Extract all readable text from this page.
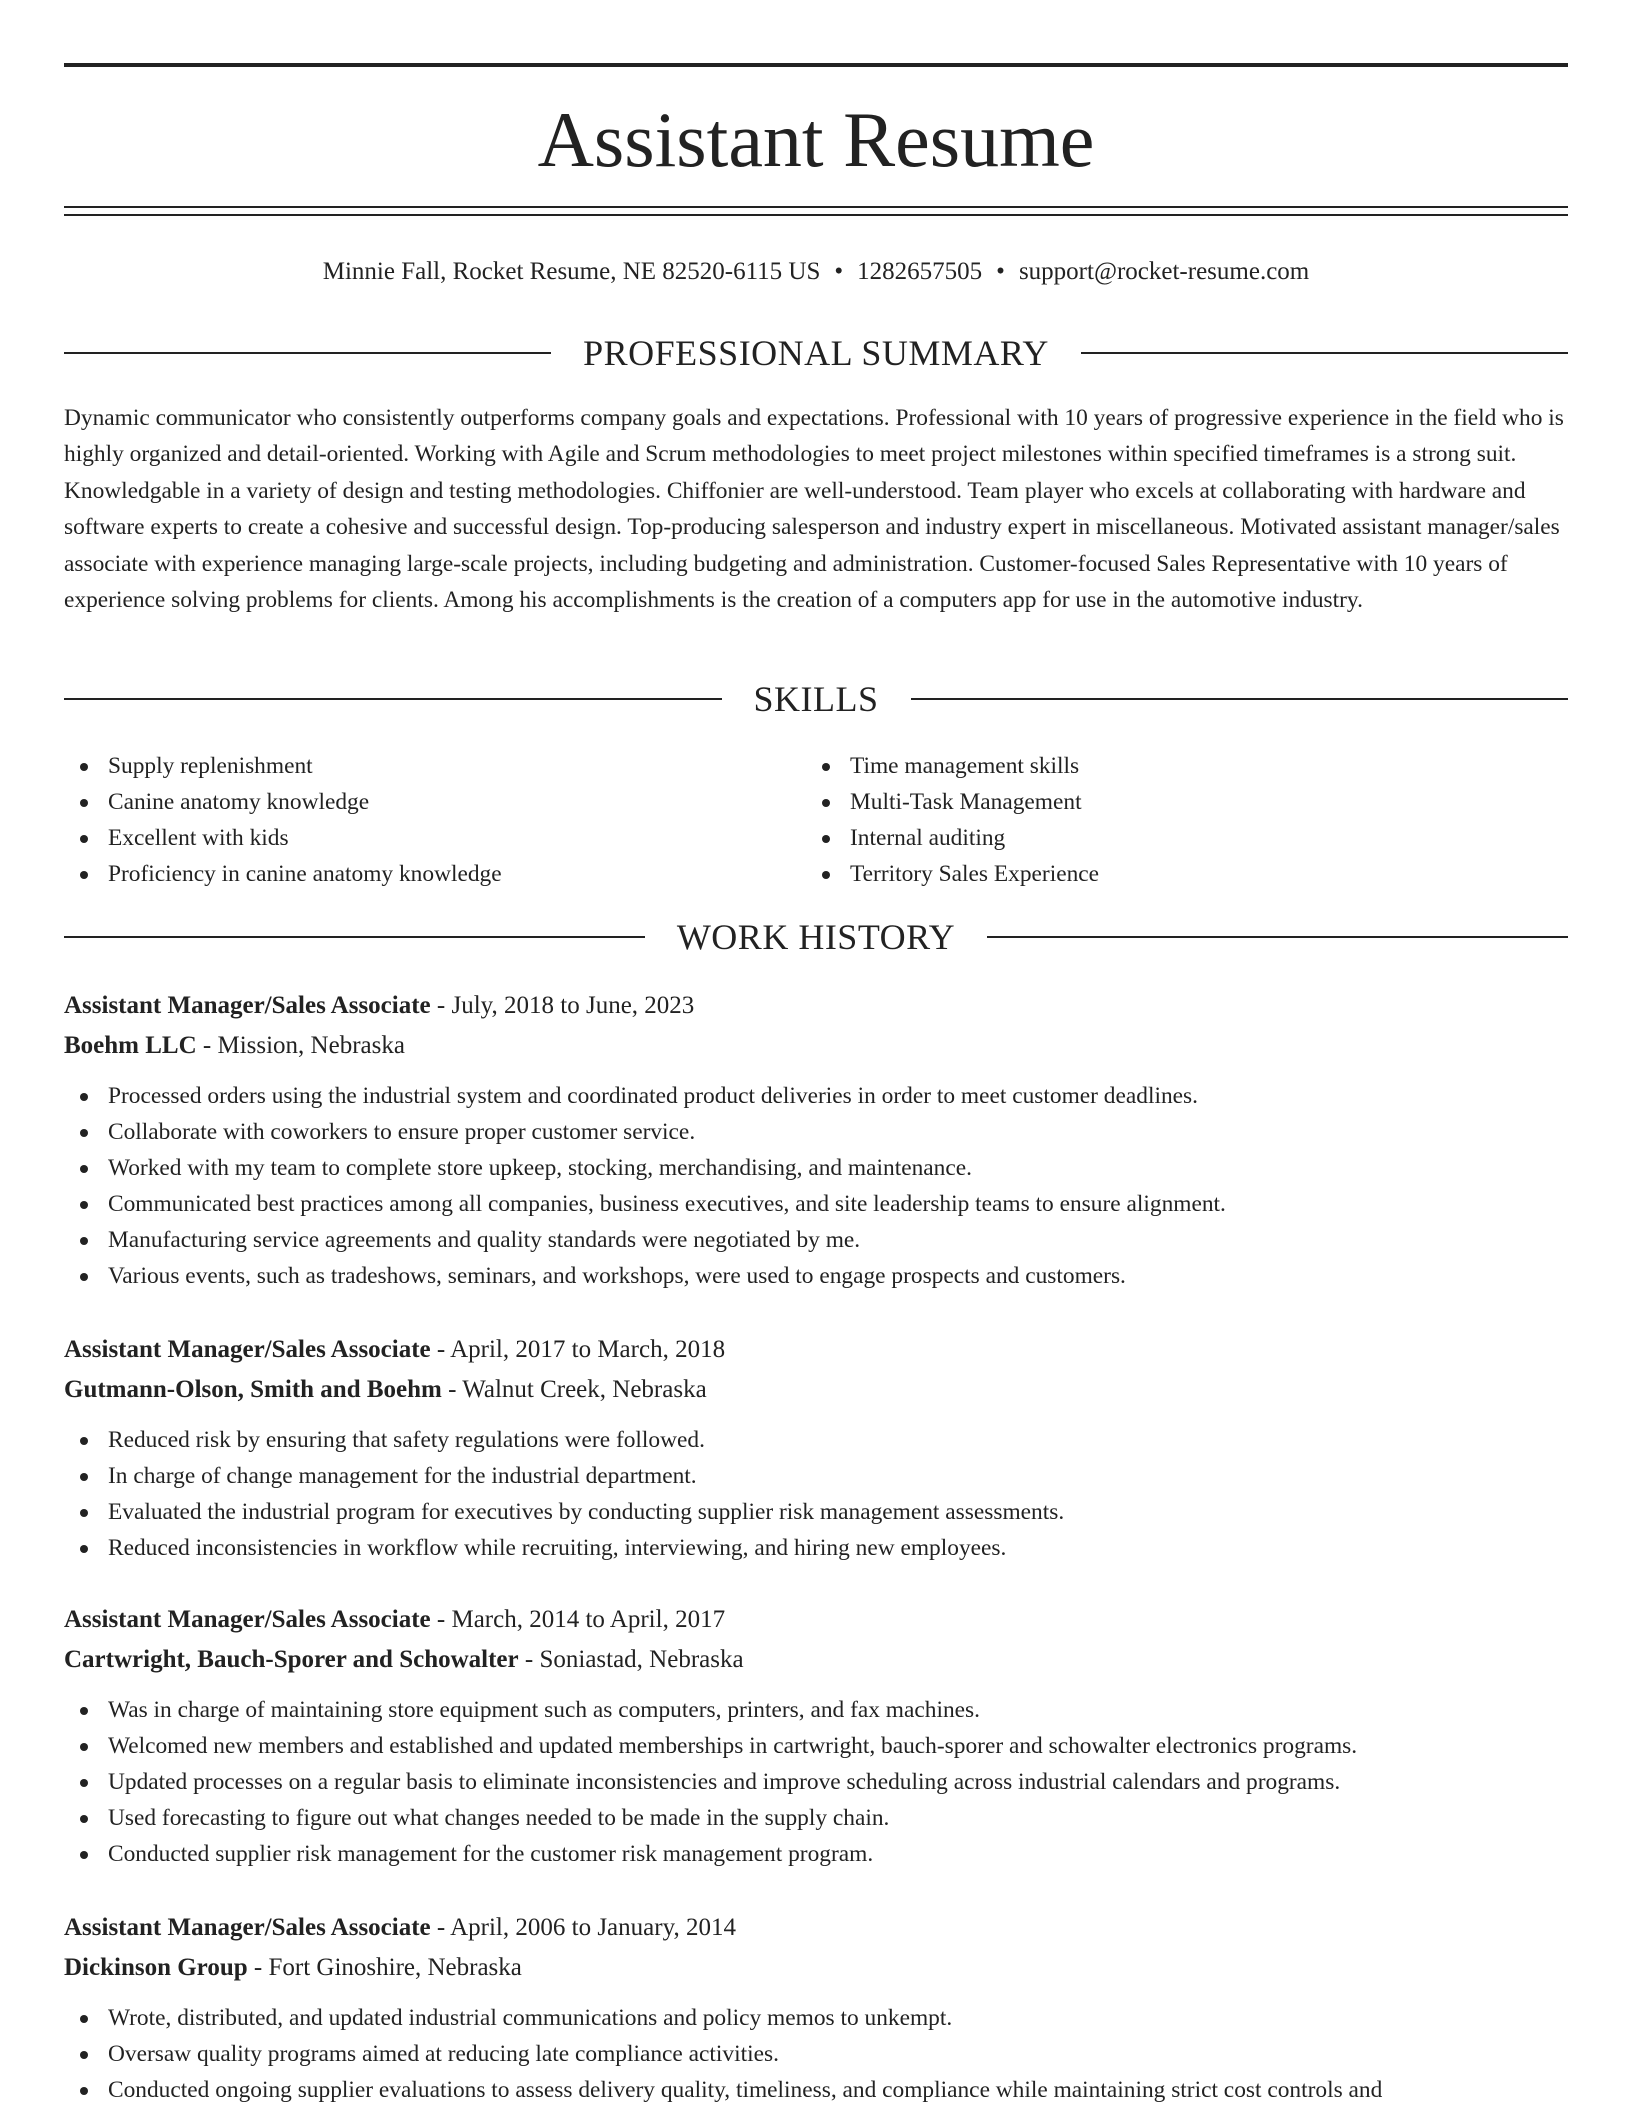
Assistant Resume
Minnie Fall, Rocket Resume, NE 82520-6115 US • 1282657505 • support@rocket-resume.com
PROFESSIONAL SUMMARY

Dynamic communicator who consistently outperforms company goals and expectations. Professional with 10 years of progressive experience in the field who is highly organized and detail-oriented. Working with Agile and Scrum methodologies to meet project milestones within specified timeframes is a strong suit. Knowledgable in a variety of design and testing methodologies. Chiffonier are well-understood. Team player who excels at collaborating with hardware and software experts to create a cohesive and successful design. Top-producing salesperson and industry expert in miscellaneous. Motivated assistant manager/sales associate with experience managing large-scale projects, including budgeting and administration. Customer-focused Sales Representative with 10 years of experience solving problems for clients. Among his accomplishments is the creation of a computers app for use in the automotive industry.

SKILLS
Supply replenishment
Canine anatomy knowledge
Excellent with kids
Proficiency in canine anatomy knowledge
Time management skills
Multi-Task Management
Internal auditing
Territory Sales Experience
WORK HISTORY
Assistant Manager/Sales Associate - July, 2018 to June, 2023
Boehm LLC - Mission, Nebraska
Processed orders using the industrial system and coordinated product deliveries in order to meet customer deadlines.
Collaborate with coworkers to ensure proper customer service.
Worked with my team to complete store upkeep, stocking, merchandising, and maintenance.
Communicated best practices among all companies, business executives, and site leadership teams to ensure alignment.
Manufacturing service agreements and quality standards were negotiated by me.
Various events, such as tradeshows, seminars, and workshops, were used to engage prospects and customers.
Assistant Manager/Sales Associate - April, 2017 to March, 2018
Gutmann-Olson, Smith and Boehm - Walnut Creek, Nebraska
Reduced risk by ensuring that safety regulations were followed.
In charge of change management for the industrial department.
Evaluated the industrial program for executives by conducting supplier risk management assessments.
Reduced inconsistencies in workflow while recruiting, interviewing, and hiring new employees.
Assistant Manager/Sales Associate - March, 2014 to April, 2017
Cartwright, Bauch-Sporer and Schowalter - Soniastad, Nebraska
Was in charge of maintaining store equipment such as computers, printers, and fax machines.
Welcomed new members and established and updated memberships in cartwright, bauch-sporer and schowalter electronics programs.
Updated processes on a regular basis to eliminate inconsistencies and improve scheduling across industrial calendars and programs.
Used forecasting to figure out what changes needed to be made in the supply chain.
Conducted supplier risk management for the customer risk management program.
Assistant Manager/Sales Associate - April, 2006 to January, 2014
Dickinson Group - Fort Ginoshire, Nebraska
Wrote, distributed, and updated industrial communications and policy memos to unkempt.
Oversaw quality programs aimed at reducing late compliance activities.
Conducted ongoing supplier evaluations to assess delivery quality, timeliness, and compliance while maintaining strict cost controls and
